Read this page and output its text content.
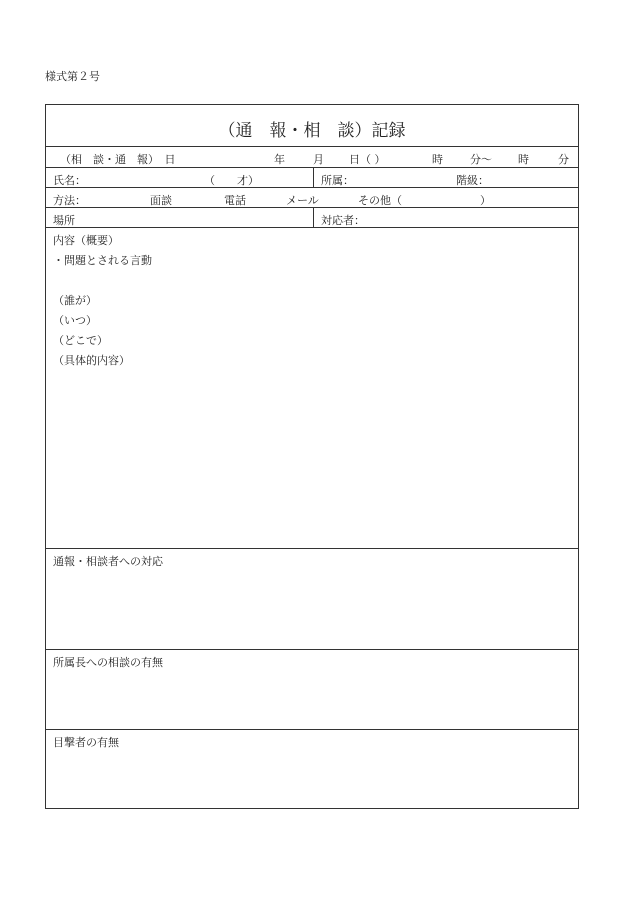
様式第２号
（通　報・相　談）記録
（相　談・通　報）　日	年	月 日（ ）	時 分〜 時	分
氏名：	（　　才）	所属：	階級：
方法：	面談	電話	メール	その他（	）
場所	対応者：
内容（概要）
・問題とされる言動
（誰が）
（いつ）
（どこで）
（具体的内容）
通報・相談者への対応
所属長への相談の有無
目撃者の有無
